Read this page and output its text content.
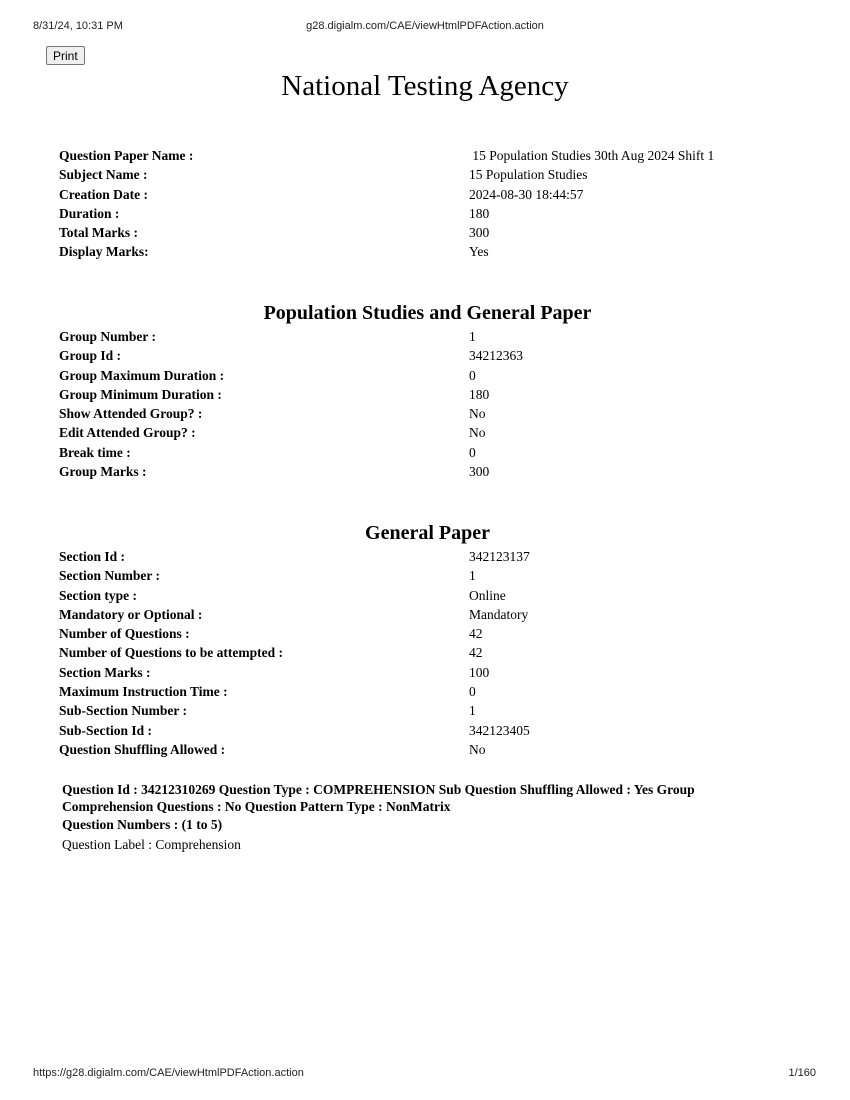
8/31/24, 10:31 PM	g28.digialm.com/CAE/viewHtmlPDFAction.action
Print
National Testing Agency
Question Paper Name :	15 Population Studies 30th Aug 2024 Shift 1
Subject Name :	15 Population Studies
Creation Date :	2024-08-30 18:44:57
Duration :	180
Total Marks :	300
Display Marks:	Yes
Population Studies and General Paper
Group Number :	1
Group Id :	34212363
Group Maximum Duration :	0
Group Minimum Duration :	180
Show Attended Group? :	No
Edit Attended Group? :	No
Break time :	0
Group Marks :	300
General Paper
Section Id :	342123137
Section Number :	1
Section type :	Online
Mandatory or Optional :	Mandatory
Number of Questions :	42
Number of Questions to be attempted :	42
Section Marks :	100
Maximum Instruction Time :	0
Sub-Section Number :	1
Sub-Section Id :	342123405
Question Shuffling Allowed :	No

Question Id : 34212310269 Question Type : COMPREHENSION Sub Question Shuffling Allowed : Yes Group Comprehension Questions : No Question Pattern Type : NonMatrix

Question Numbers : (1 to 5)

Question Label : Comprehension

https://g28.digialm.com/CAE/viewHtmlPDFAction.action	1/160
